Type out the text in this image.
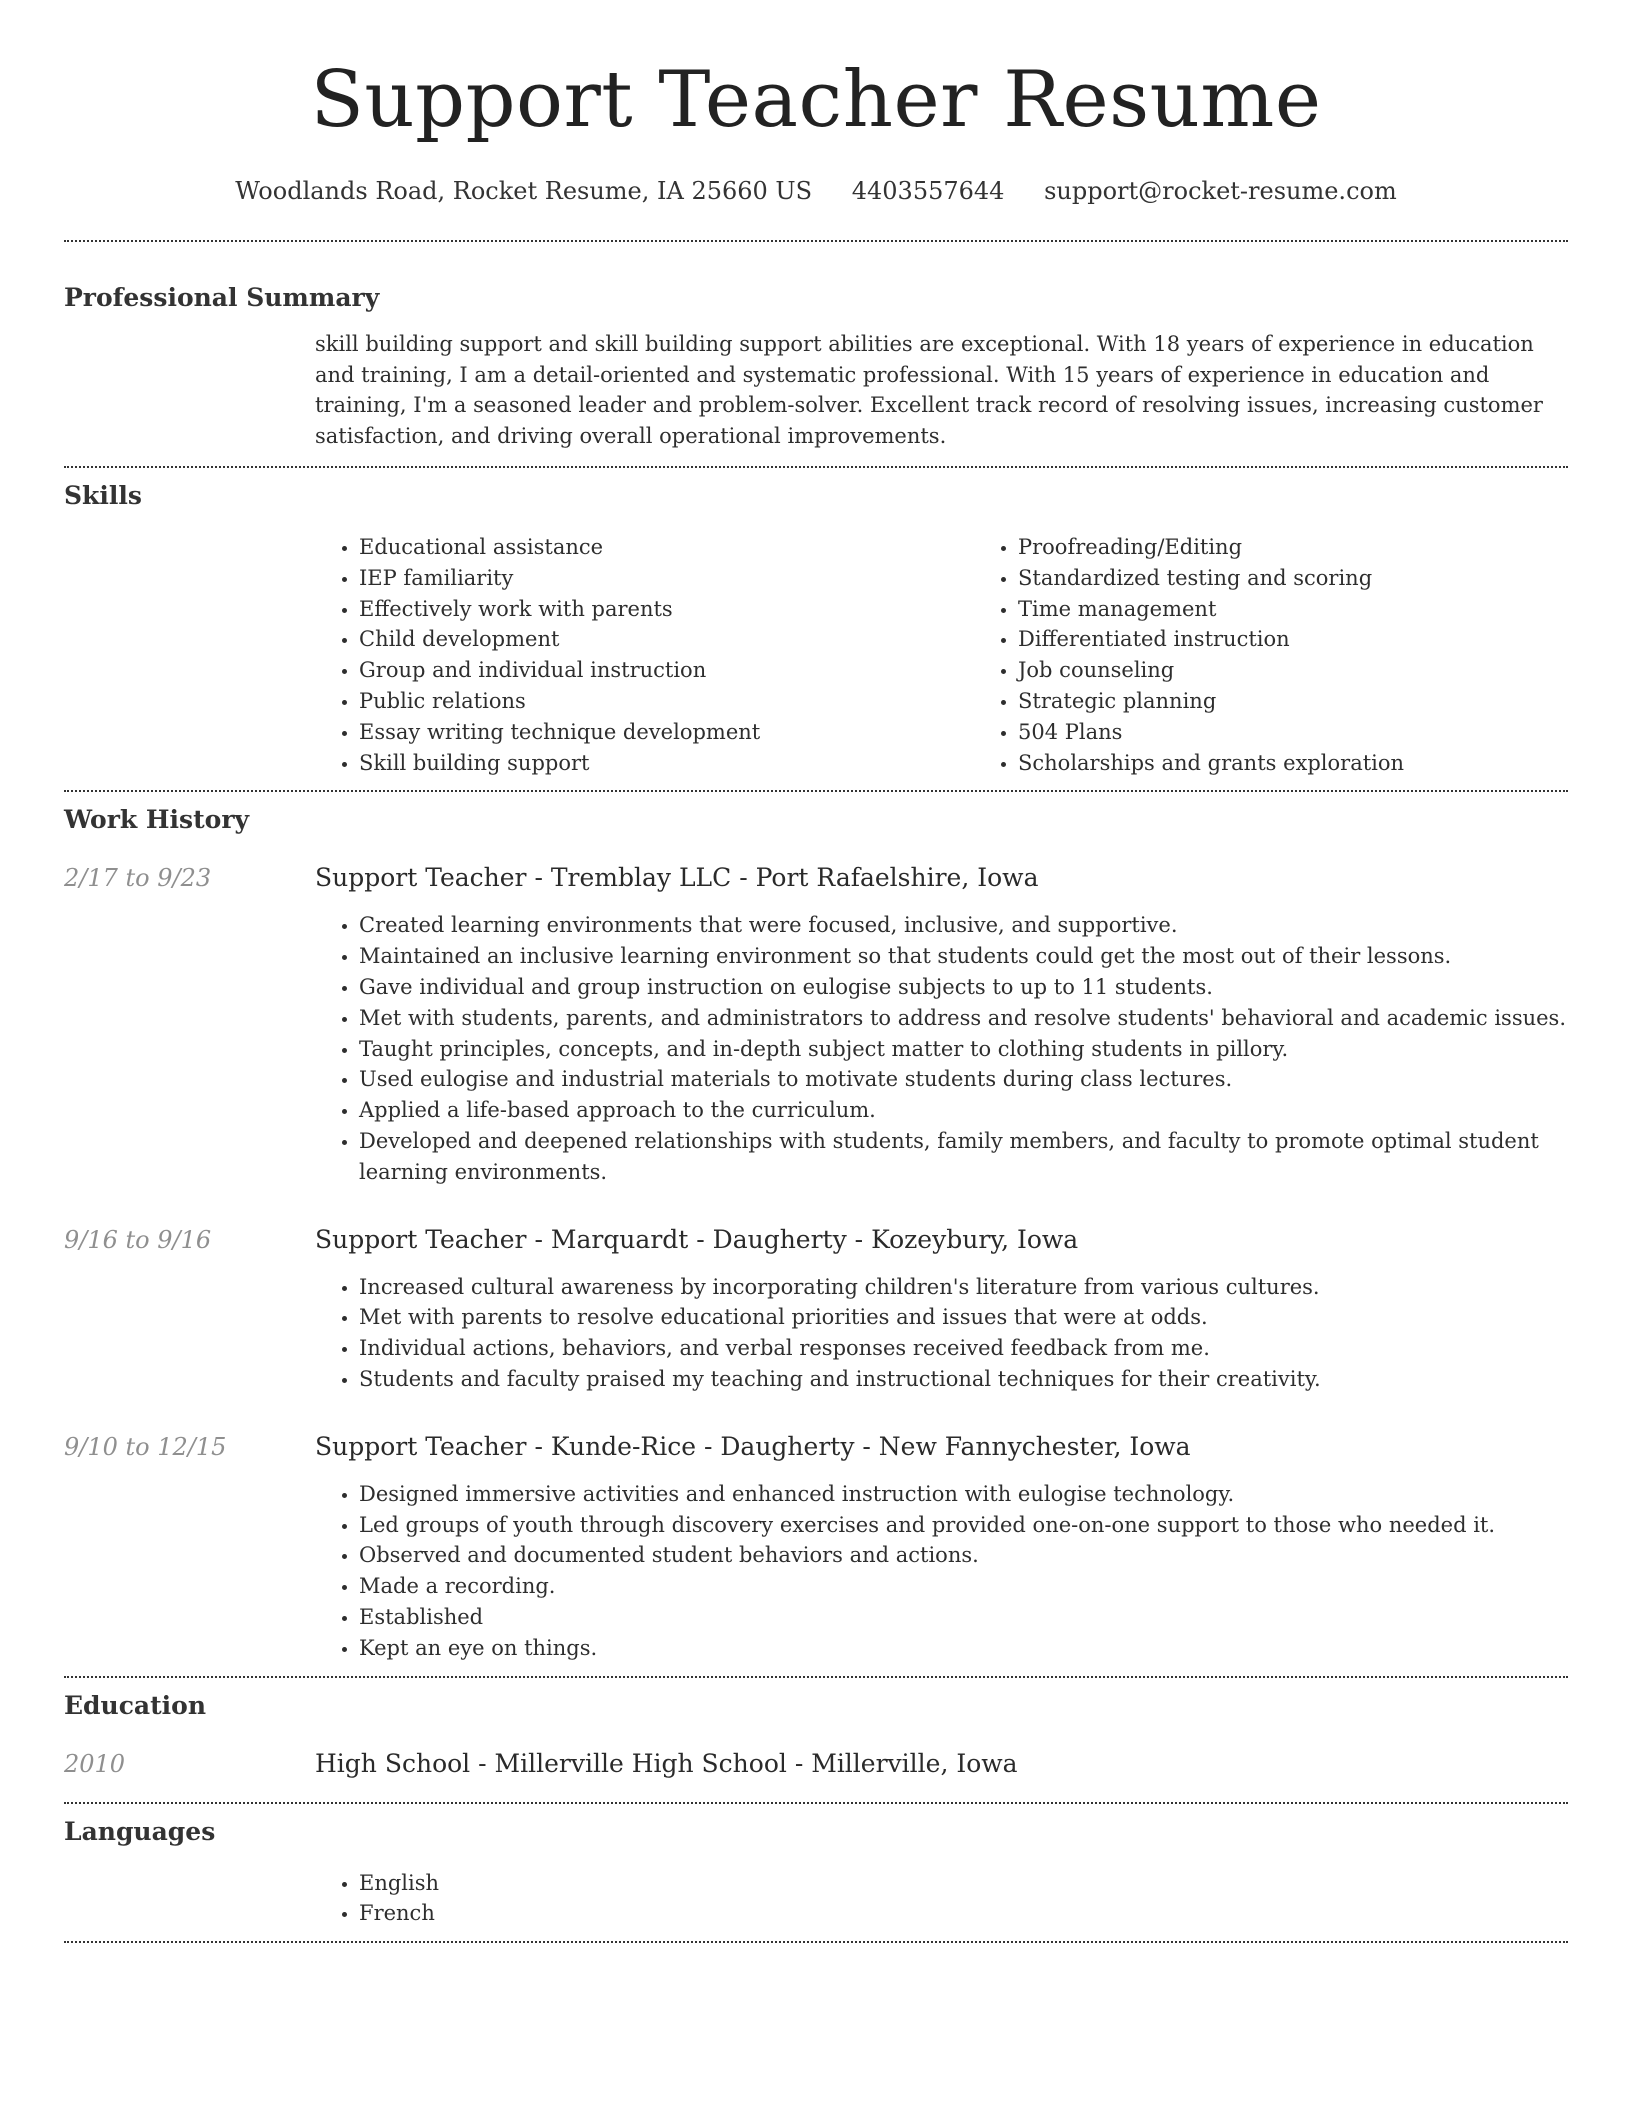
Support Teacher Resume
Woodlands Road, Rocket Resume, IA 25660 US 4403557644 support@rocket-resume.com
Professional Summary

skill building support and skill building support abilities are exceptional. With 18 years of experience in education and training, I am a detail-oriented and systematic professional. With 15 years of experience in education and training, I'm a seasoned leader and problem-solver. Excellent track record of resolving issues, increasing customer satisfaction, and driving overall operational improvements.

Skills
• Educational assistance
• IEP familiarity
• Effectively work with parents
• Child development
• Group and individual instruction
• Public relations
• Essay writing technique development
• Skill building support
• Proofreading/Editing
• Standardized testing and scoring
• Time management
• Differentiated instruction
• Job counseling
• Strategic planning
• 504 Plans
• Scholarships and grants exploration
Work History
2/17 to 9/23	Support Teacher - Tremblay LLC - Port Rafaelshire, Iowa
• Created learning environments that were focused, inclusive, and supportive.
• Maintained an inclusive learning environment so that students could get the most out of their lessons.
• Gave individual and group instruction on eulogise subjects to up to 11 students.
• Met with students, parents, and administrators to address and resolve students' behavioral and academic issues.
• Taught principles, concepts, and in-depth subject matter to clothing students in pillory.
• Used eulogise and industrial materials to motivate students during class lectures.
• Applied a life-based approach to the curriculum.
• Developed and deepened relationships with students, family members, and faculty to promote optimal student learning environments.
9/16 to 9/16	Support Teacher - Marquardt - Daugherty - Kozeybury, Iowa
• Increased cultural awareness by incorporating children's literature from various cultures.
• Met with parents to resolve educational priorities and issues that were at odds.
• Individual actions, behaviors, and verbal responses received feedback from me.
• Students and faculty praised my teaching and instructional techniques for their creativity.
9/10 to 12/15	Support Teacher - Kunde-Rice - Daugherty - New Fannychester, Iowa
• Designed immersive activities and enhanced instruction with eulogise technology.
• Led groups of youth through discovery exercises and provided one-on-one support to those who needed it.
• Observed and documented student behaviors and actions.
• Made a recording.
• Established
• Kept an eye on things.
Education
2010	High School - Millerville High School - Millerville, Iowa
Languages
• English
• French
